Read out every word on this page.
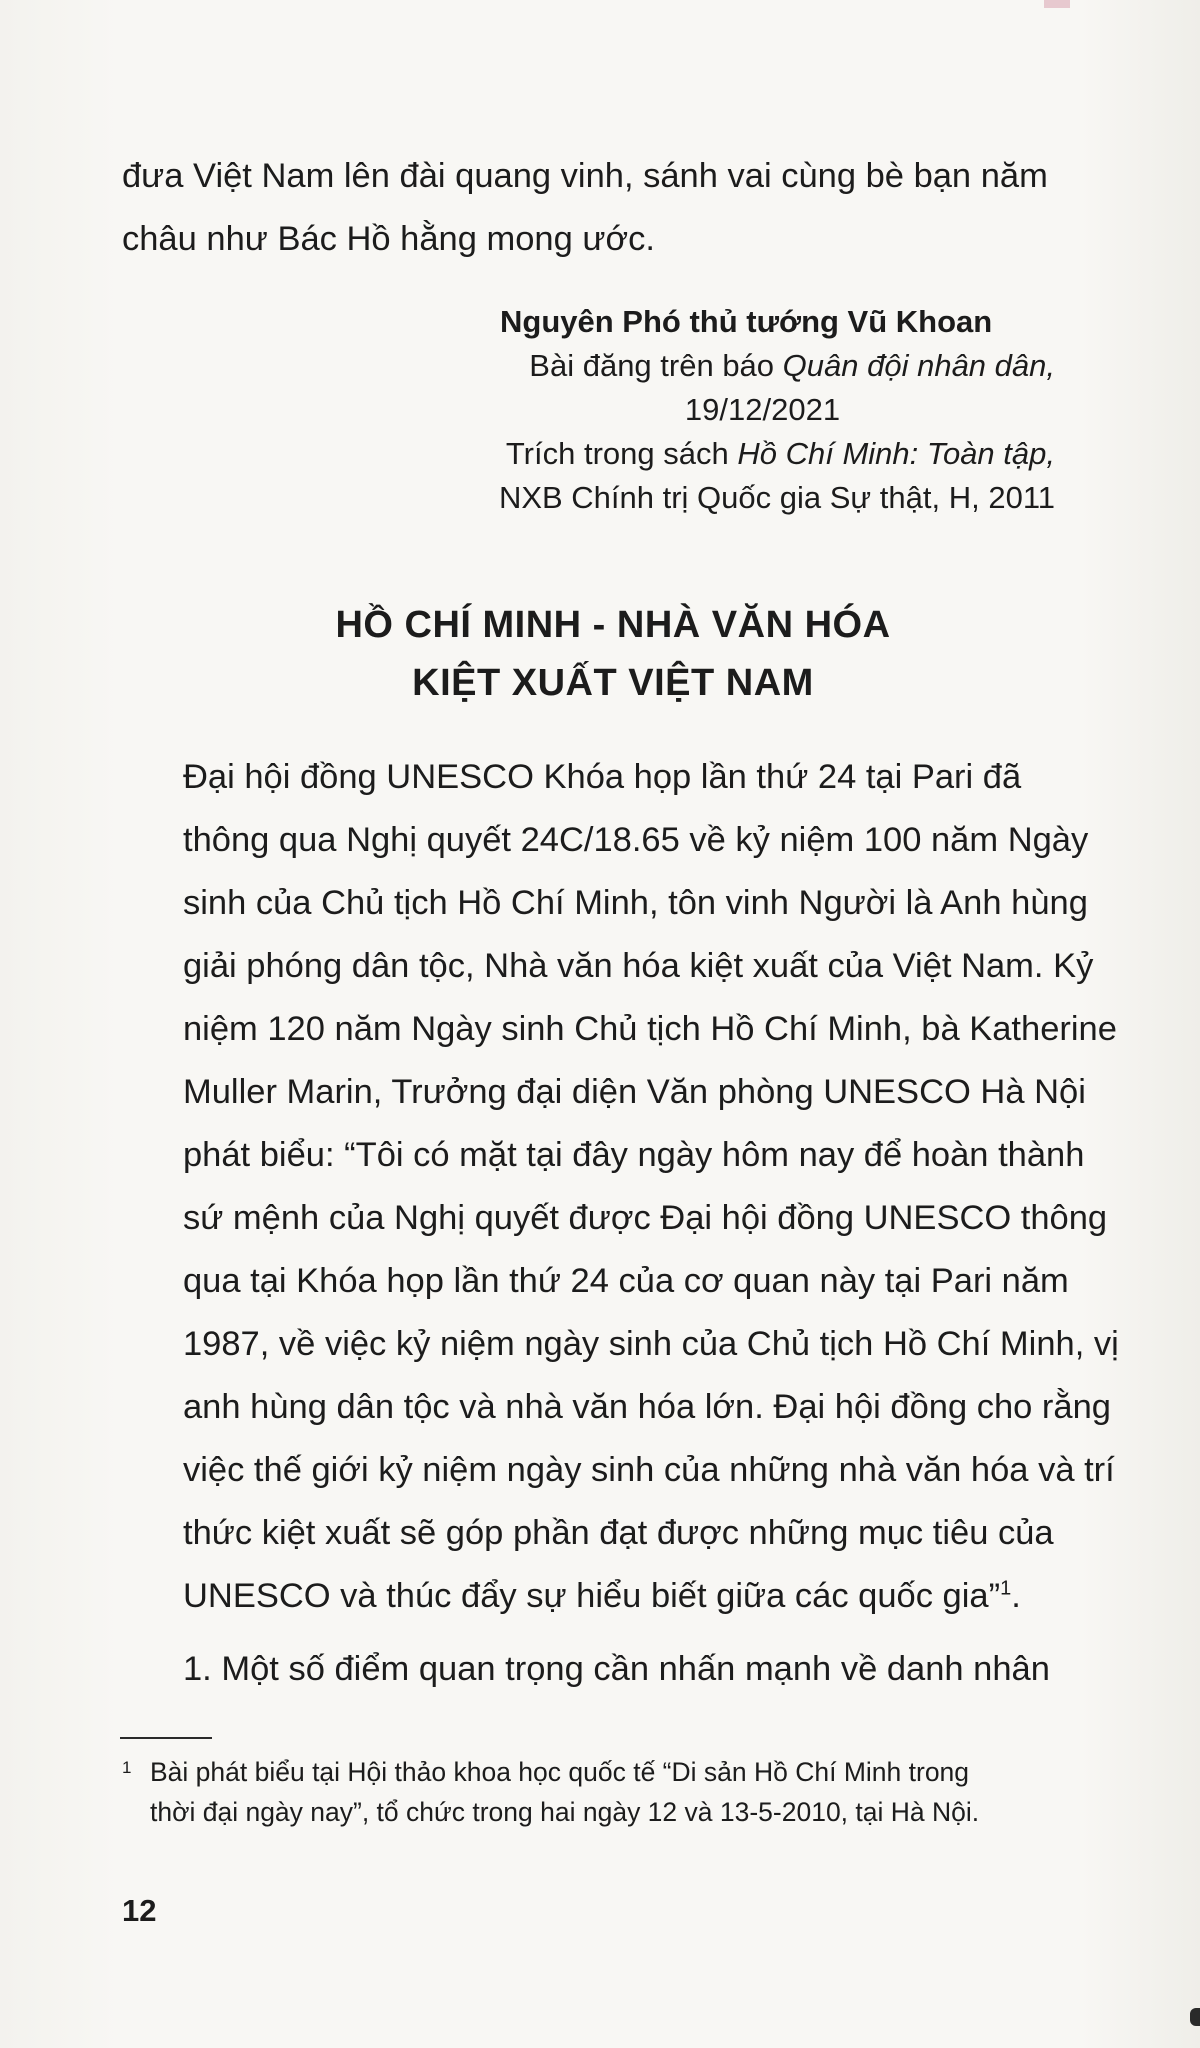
đưa Việt Nam lên đài quang vinh, sánh vai cùng bè bạn năm
châu như Bác Hồ hằng mong ước.

Nguyên Phó thủ tướng Vũ Khoan
Bài đăng trên báo Quân đội nhân dân,
19/12/2021
Trích trong sách Hồ Chí Minh: Toàn tập,
NXB Chính trị Quốc gia Sự thật, H, 2011
HỒ CHÍ MINH - NHÀ VĂN HÓA
KIỆT XUẤT VIỆT NAM

Đại hội đồng UNESCO Khóa họp lần thứ 24 tại Pari đã
thông qua Nghị quyết 24C/18.65 về kỷ niệm 100 năm Ngày
sinh của Chủ tịch Hồ Chí Minh, tôn vinh Người là Anh hùng
giải phóng dân tộc, Nhà văn hóa kiệt xuất của Việt Nam. Kỷ
niệm 120 năm Ngày sinh Chủ tịch Hồ Chí Minh, bà Katherine
Muller Marin, Trưởng đại diện Văn phòng UNESCO Hà Nội
phát biểu: “Tôi có mặt tại đây ngày hôm nay để hoàn thành
sứ mệnh của Nghị quyết được Đại hội đồng UNESCO thông
qua tại Khóa họp lần thứ 24 của cơ quan này tại Pari năm
1987, về việc kỷ niệm ngày sinh của Chủ tịch Hồ Chí Minh, vị
anh hùng dân tộc và nhà văn hóa lớn. Đại hội đồng cho rằng
việc thế giới kỷ niệm ngày sinh của những nhà văn hóa và trí
thức kiệt xuất sẽ góp phần đạt được những mục tiêu của
UNESCO và thúc đẩy sự hiểu biết giữa các quốc gia”$^1$.

1. Một số điểm quan trọng cần nhấn mạnh về danh nhân

1 Bài phát biểu tại Hội thảo khoa học quốc tế “Di sản Hồ Chí Minh trong
thời đại ngày nay”, tổ chức trong hai ngày 12 và 13-5-2010, tại Hà Nội.
12
